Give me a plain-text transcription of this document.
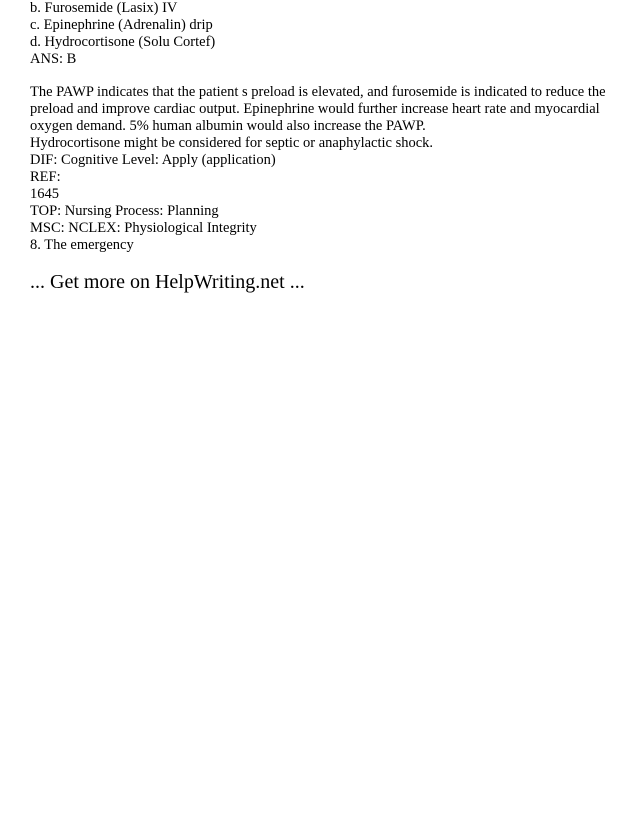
b. Furosemide (Lasix) IV
c. Epinephrine (Adrenalin) drip
d. Hydrocortisone (Solu Cortef)
ANS: B
The PAWP indicates that the patient s preload is elevated, and furosemide is indicated to reduce the
preload and improve cardiac output. Epinephrine would further increase heart rate and myocardial
oxygen demand. 5% human albumin would also increase the PAWP.
Hydrocortisone might be considered for septic or anaphylactic shock.
DIF: Cognitive Level: Apply (application)
REF:
1645
TOP: Nursing Process: Planning
MSC: NCLEX: Physiological Integrity
8. The emergency
... Get more on HelpWriting.net ...
